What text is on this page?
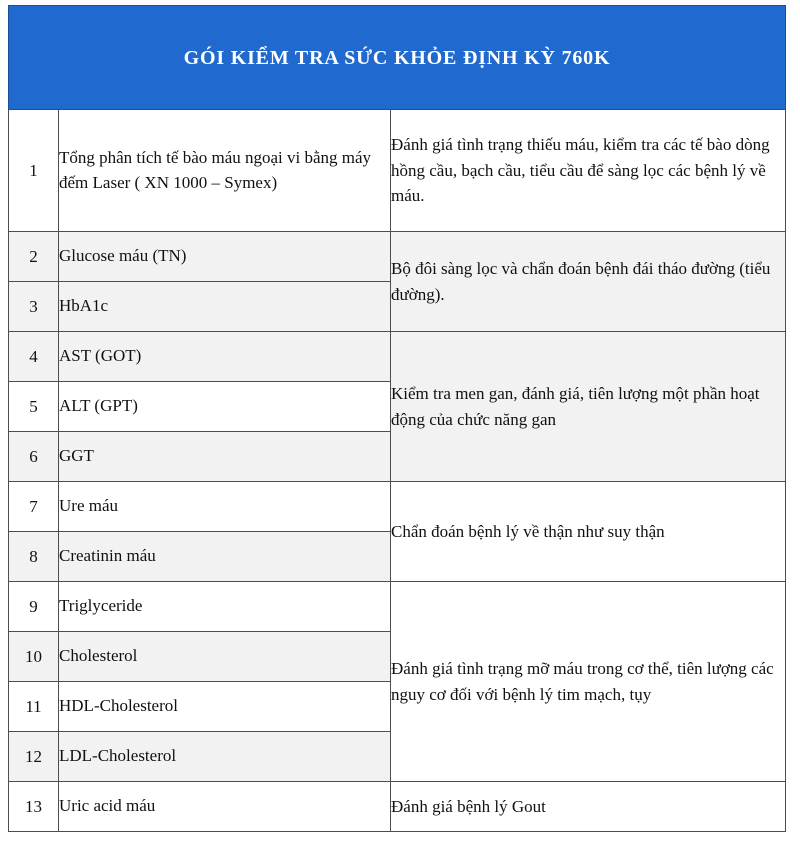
GÓI KIỂM TRA SỨC KHỎE ĐỊNH KỲ 760K		

1	Tổng phân tích tế bào máu ngoại vi bằng máy đếm Laser ( XN 1000 – Symex)	Đánh giá tình trạng thiếu máu, kiểm tra các tế bào dòng hồng cầu, bạch cầu, tiểu cầu để sàng lọc các bệnh lý về máu.
2	Glucose máu (TN)	Bộ đôi sàng lọc và chẩn đoán bệnh đái tháo đường (tiểu đường).
3	HbA1c	
4	AST (GOT)	Kiểm tra men gan, đánh giá, tiên lượng một phần hoạt động của chức năng gan
5	ALT (GPT)	
6	GGT	
7	Ure máu	Chẩn đoán bệnh lý về thận như suy thận
8	Creatinin máu	
9	Triglyceride	Đánh giá tình trạng mỡ máu trong cơ thể, tiên lượng các nguy cơ đối với bệnh lý tim mạch, tụy
10	Cholesterol	
11	HDL-Cholesterol	
12	LDL-Cholesterol	
13	Uric acid máu	Đánh giá bệnh lý Gout
